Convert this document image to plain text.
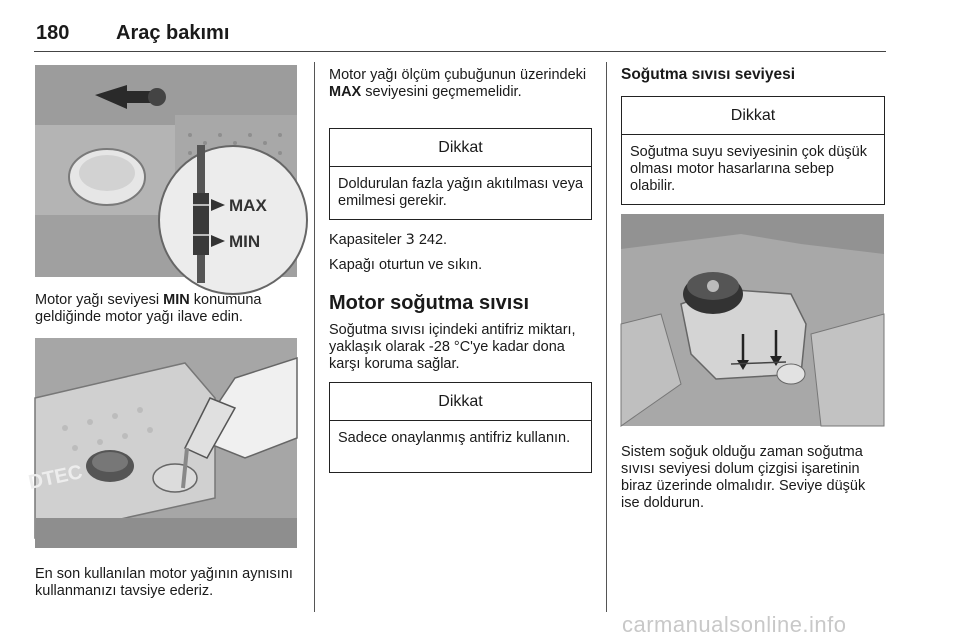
180 Araç bakımı
MAX
MIN
Motor yağı seviyesi MIN konumuna geldiğinde motor yağı ilave edin.
DTEC
En son kullanılan motor yağının aynısını kullanmanızı tavsiye ederiz.
Motor yağı ölçüm çubuğunun üzerindeki MAX seviyesini geçmemelidir.
Dikkat
Doldurulan fazla yağın akıtılması veya emilmesi gerekir.
Kapasiteler 3 242.
Kapağı oturtun ve sıkın.
Motor soğutma sıvısı
Soğutma sıvısı içindeki antifriz miktarı, yaklaşık olarak -28 °C'ye kadar dona karşı koruma sağlar.
Dikkat
Sadece onaylanmış antifriz kullanın.
Soğutma sıvısı seviyesi
Dikkat
Soğutma suyu seviyesinin çok düşük olması motor hasarlarına sebep olabilir.
Sistem soğuk olduğu zaman soğutma sıvısı seviyesi dolum çizgisi işaretinin biraz üzerinde olmalıdır. Seviye düşük ise doldurun.
carmanualsonline.info
